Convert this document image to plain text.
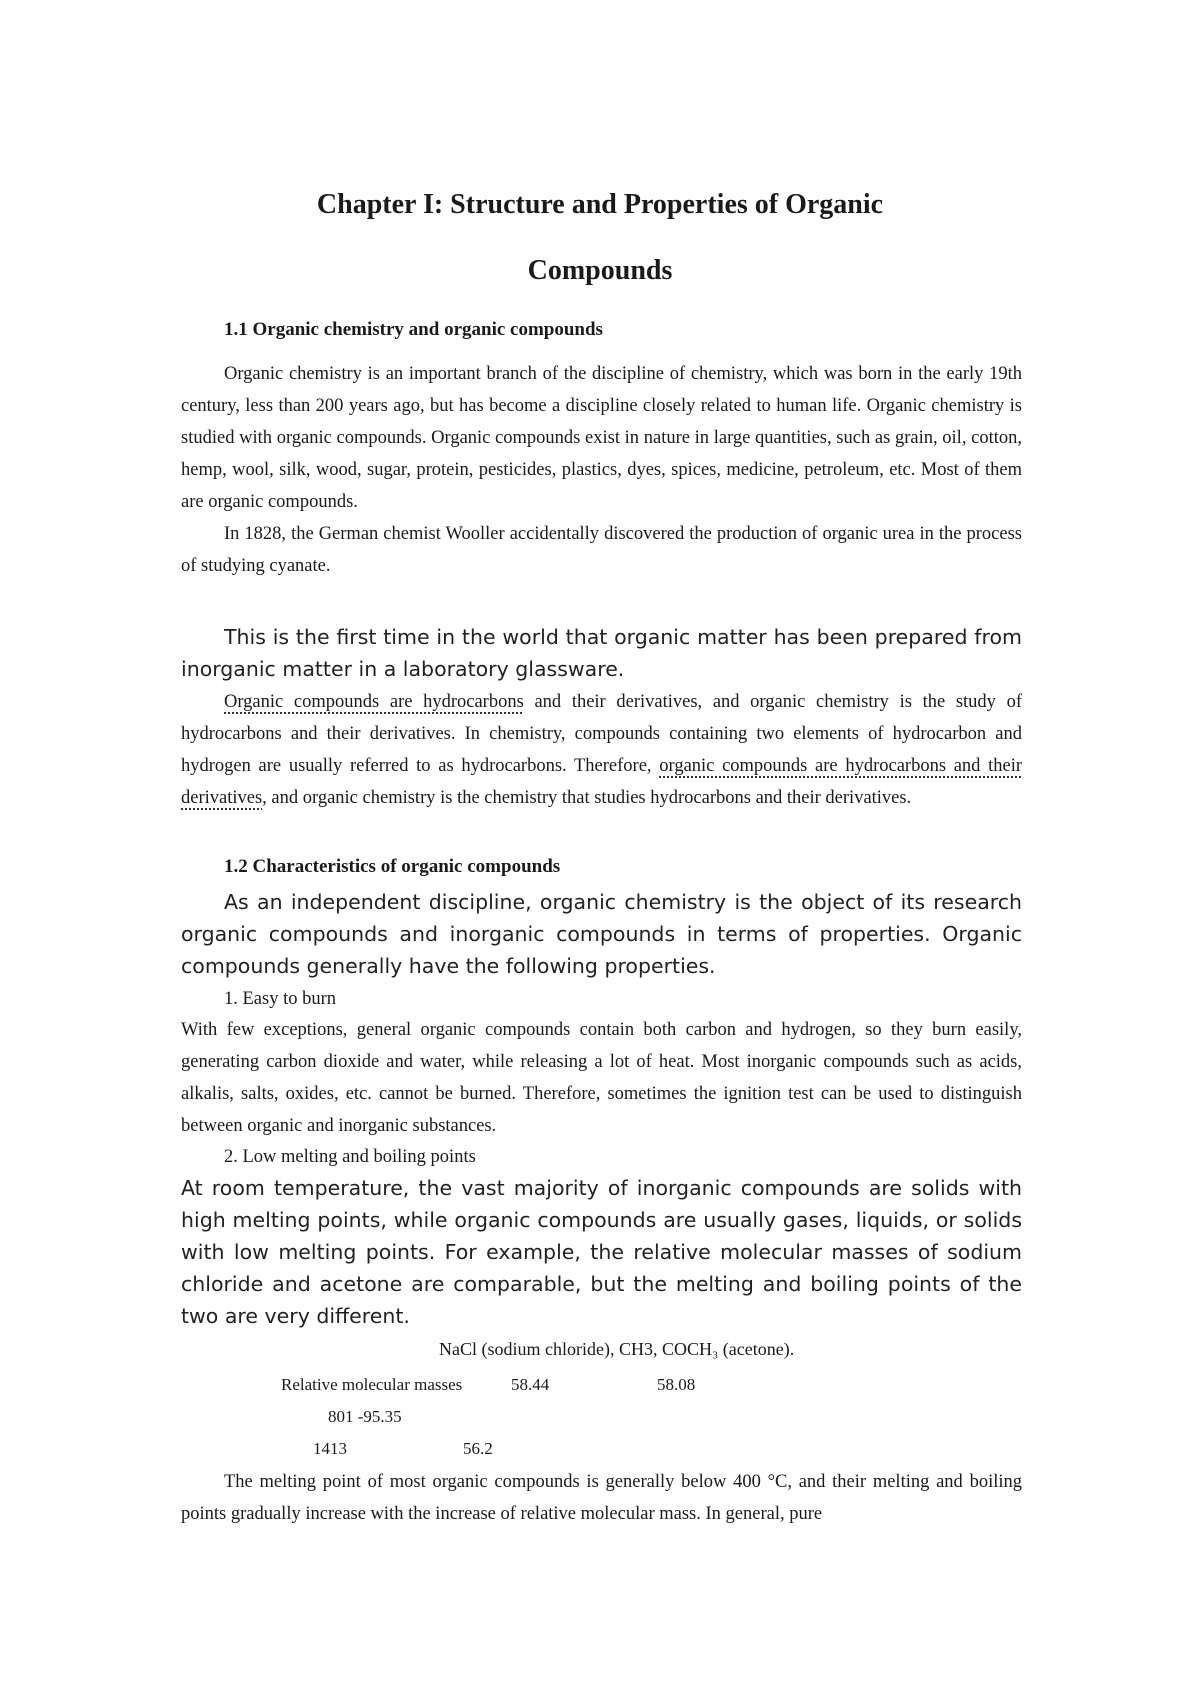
Chapter I: Structure and Properties of Organic

Compounds

1.1 Organic chemistry and organic compounds

Organic chemistry is an important branch of the discipline of chemistry, which was born in the early 19th century, less than 200 years ago, but has become a discipline closely related to human life. Organic chemistry is studied with organic compounds. Organic compounds exist in nature in large quantities, such as grain, oil, cotton, hemp, wool, silk, wood, sugar, protein, pesticides, plastics, dyes, spices, medicine, petroleum, etc. Most of them are organic compounds.

In 1828, the German chemist Wooller accidentally discovered the production of organic urea in the process of studying cyanate.

This is the first time in the world that organic matter has been prepared from inorganic matter in a laboratory glassware.

Organic compounds are hydrocarbons and their derivatives, and organic chemistry is the study of hydrocarbons and their derivatives. In chemistry, compounds containing two elements of hydrocarbon and hydrogen are usually referred to as hydrocarbons. Therefore, organic compounds are hydrocarbons and their derivatives, and organic chemistry is the chemistry that studies hydrocarbons and their derivatives.

1.2 Characteristics of organic compounds

As an independent discipline, organic chemistry is the object of its research organic compounds and inorganic compounds in terms of properties. Organic compounds generally have the following properties.

1. Easy to burn

With few exceptions, general organic compounds contain both carbon and hydrogen, so they burn easily, generating carbon dioxide and water, while releasing a lot of heat. Most inorganic compounds such as acids, alkalis, salts, oxides, etc. cannot be burned. Therefore, sometimes the ignition test can be used to distinguish between organic and inorganic substances.

2. Low melting and boiling points

At room temperature, the vast majority of inorganic compounds are solids with high melting points, while organic compounds are usually gases, liquids, or solids with low melting points. For example, the relative molecular masses of sodium chloride and acetone are comparable, but the melting and boiling points of the two are very different.

NaCl (sodium chloride), CH3, COCH₃ (acetone).

Relative molecular masses	58.44	58.08

801 -95.35

1413	56.2

The melting point of most organic compounds is generally below 400 °C, and their melting and boiling points gradually increase with the increase of relative molecular mass. In general, pure
